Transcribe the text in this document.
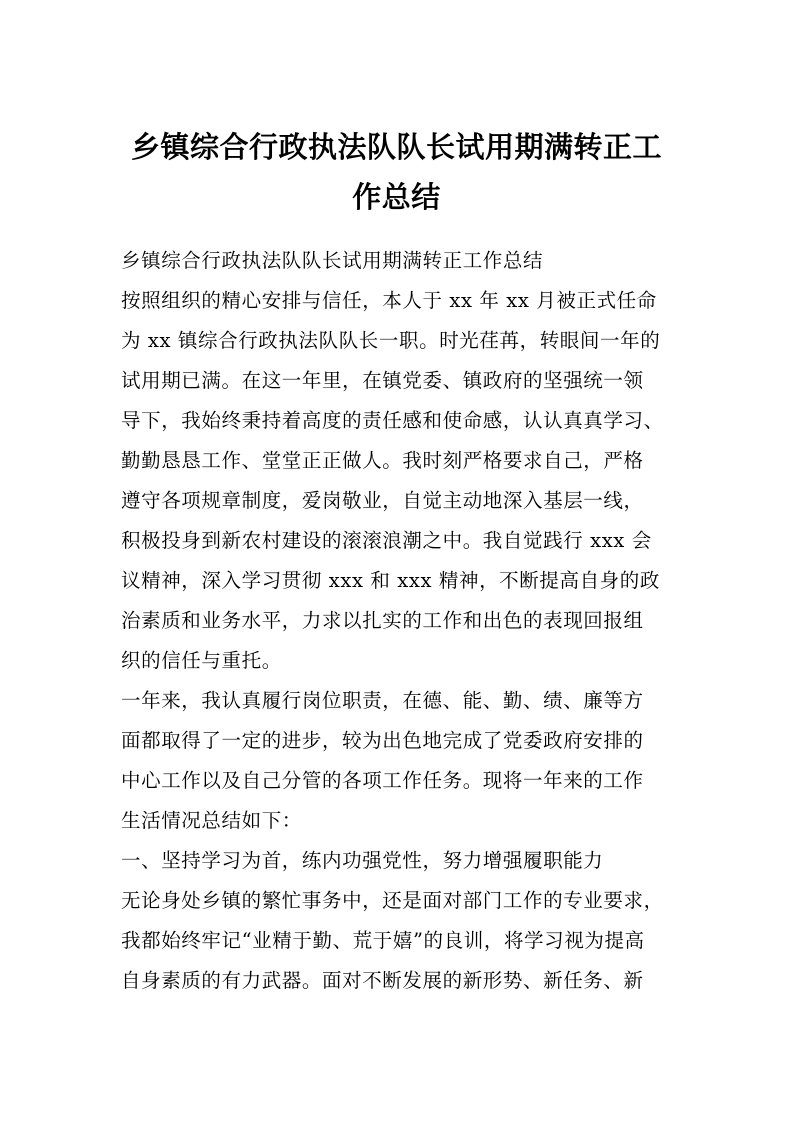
乡镇综合行政执法队队长试用期满转正工
作总结
乡镇综合行政执法队队长试用期满转正工作总结
按照组织的精心安排与信任，本人于 xx 年 xx 月被正式任命
为 xx 镇综合行政执法队队长一职。时光荏苒，转眼间一年的
试用期已满。在这一年里，在镇党委、镇政府的坚强统一领
导下，我始终秉持着高度的责任感和使命感，认认真真学习、
勤勤恳恳工作、堂堂正正做人。我时刻严格要求自己，严格
遵守各项规章制度，爱岗敬业，自觉主动地深入基层一线，
积极投身到新农村建设的滚滚浪潮之中。我自觉践行 xxx 会
议精神，深入学习贯彻 xxx 和 xxx 精神，不断提高自身的政
治素质和业务水平，力求以扎实的工作和出色的表现回报组
织的信任与重托。
一年来，我认真履行岗位职责，在德、能、勤、绩、廉等方
面都取得了一定的进步，较为出色地完成了党委政府安排的
中心工作以及自己分管的各项工作任务。现将一年来的工作
生活情况总结如下：
一、坚持学习为首，练内功强党性，努力增强履职能力
无论身处乡镇的繁忙事务中，还是面对部门工作的专业要求，
我都始终牢记“业精于勤、荒于嬉”的良训，将学习视为提高
自身素质的有力武器。面对不断发展的新形势、新任务、新
